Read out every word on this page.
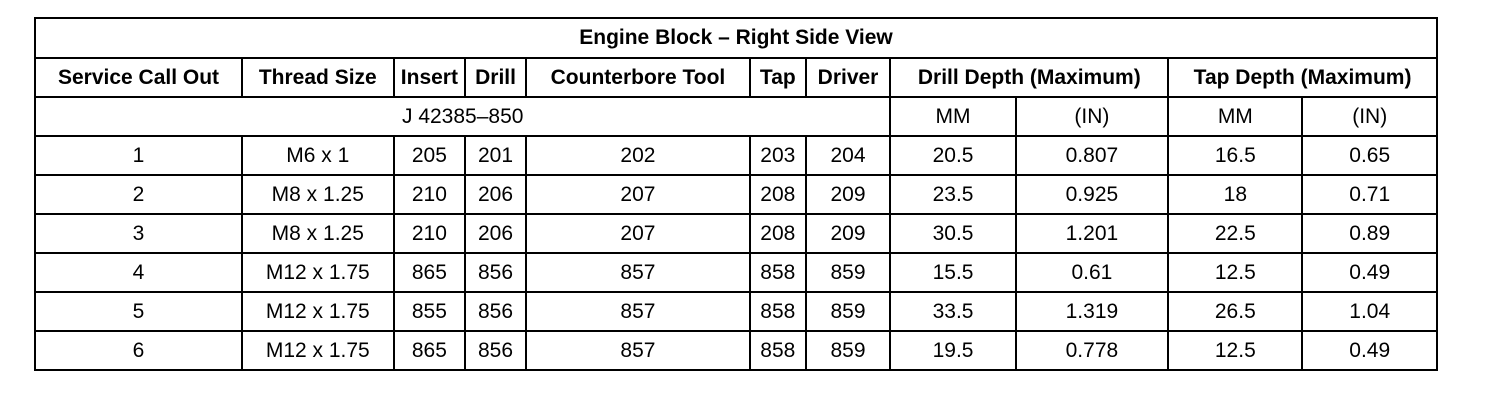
Engine Block – Right Side View										
Service Call Out	Thread Size	Insert	Drill	Counterbore Tool	Tap	Driver	Drill Depth (Maximum)		Tap Depth (Maximum)	
J 42385–850							MM	(IN)	MM	(IN)
1	M6 x 1	205	201	202	203	204	20.5	0.807	16.5	0.65
2	M8 x 1.25	210	206	207	208	209	23.5	0.925	18	0.71
3	M8 x 1.25	210	206	207	208	209	30.5	1.201	22.5	0.89
4	M12 x 1.75	865	856	857	858	859	15.5	0.61	12.5	0.49
5	M12 x 1.75	855	856	857	858	859	33.5	1.319	26.5	1.04
6	M12 x 1.75	865	856	857	858	859	19.5	0.778	12.5	0.49
